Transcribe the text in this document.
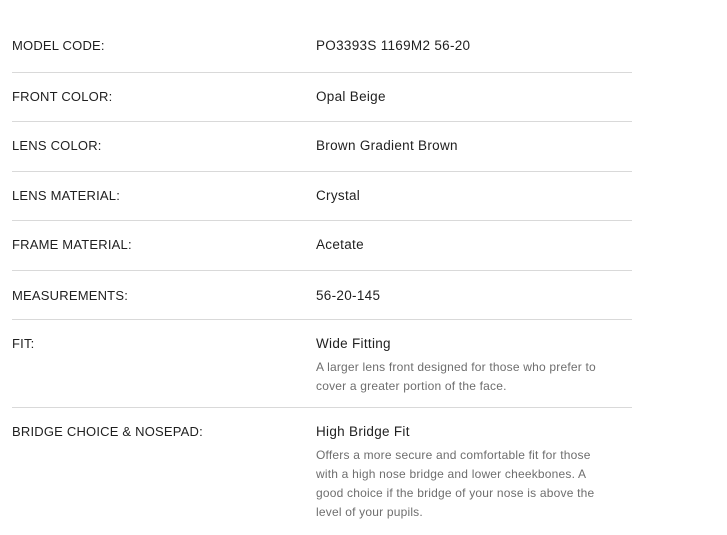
MODEL CODE:	PO3393S 1169M2 56-20
FRONT COLOR:	Opal Beige
LENS COLOR:	Brown Gradient Brown
LENS MATERIAL:	Crystal
FRAME MATERIAL:	Acetate
MEASUREMENTS:	56-20-145
FIT:	Wide Fitting
A larger lens front designed for those who prefer to cover a greater portion of the face.
BRIDGE CHOICE & NOSEPAD:	High Bridge Fit
Offers a more secure and comfortable fit for those with a high nose bridge and lower cheekbones. A good choice if the bridge of your nose is above the level of your pupils.
